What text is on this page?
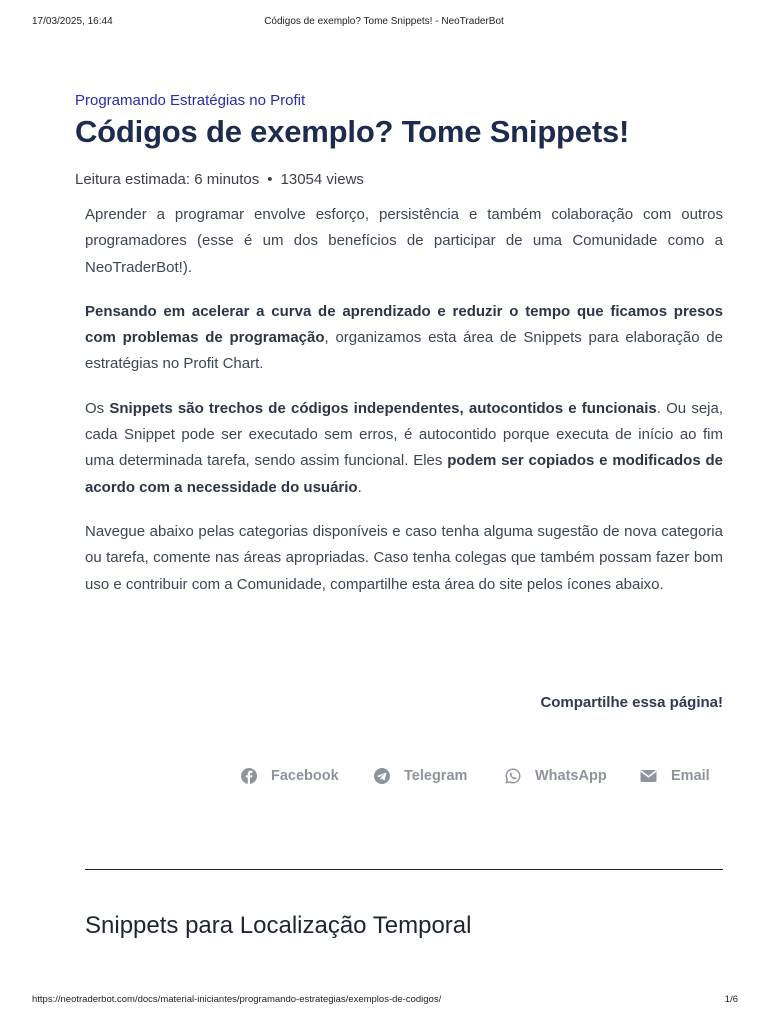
17/03/2025, 16:44	Códigos de exemplo? Tome Snippets! - NeoTraderBot
Programando Estratégias no Profit
Códigos de exemplo? Tome Snippets!
Leitura estimada: 6 minutos • 13054 views

Aprender a programar envolve esforço, persistência e também colaboração com outros programadores (esse é um dos benefícios de participar de uma Comunidade como a NeoTraderBot!).

Pensando em acelerar a curva de aprendizado e reduzir o tempo que ficamos presos com problemas de programação, organizamos esta área de Snippets para elaboração de estratégias no Profit Chart.

Os Snippets são trechos de códigos independentes, autocontidos e funcionais. Ou seja, cada Snippet pode ser executado sem erros, é autocontido porque executa de início ao fim uma determinada tarefa, sendo assim funcional. Eles podem ser copiados e modificados de acordo com a necessidade do usuário.

Navegue abaixo pelas categorias disponíveis e caso tenha alguma sugestão de nova categoria ou tarefa, comente nas áreas apropriadas. Caso tenha colegas que também possam fazer bom uso e contribuir com a Comunidade, compartilhe esta área do site pelos ícones abaixo.

Compartilhe essa página!
Facebook	Telegram	WhatsApp	Email
Snippets para Localização Temporal
https://neotraderbot.com/docs/material-iniciantes/programando-estrategias/exemplos-de-codigos/	1/6
